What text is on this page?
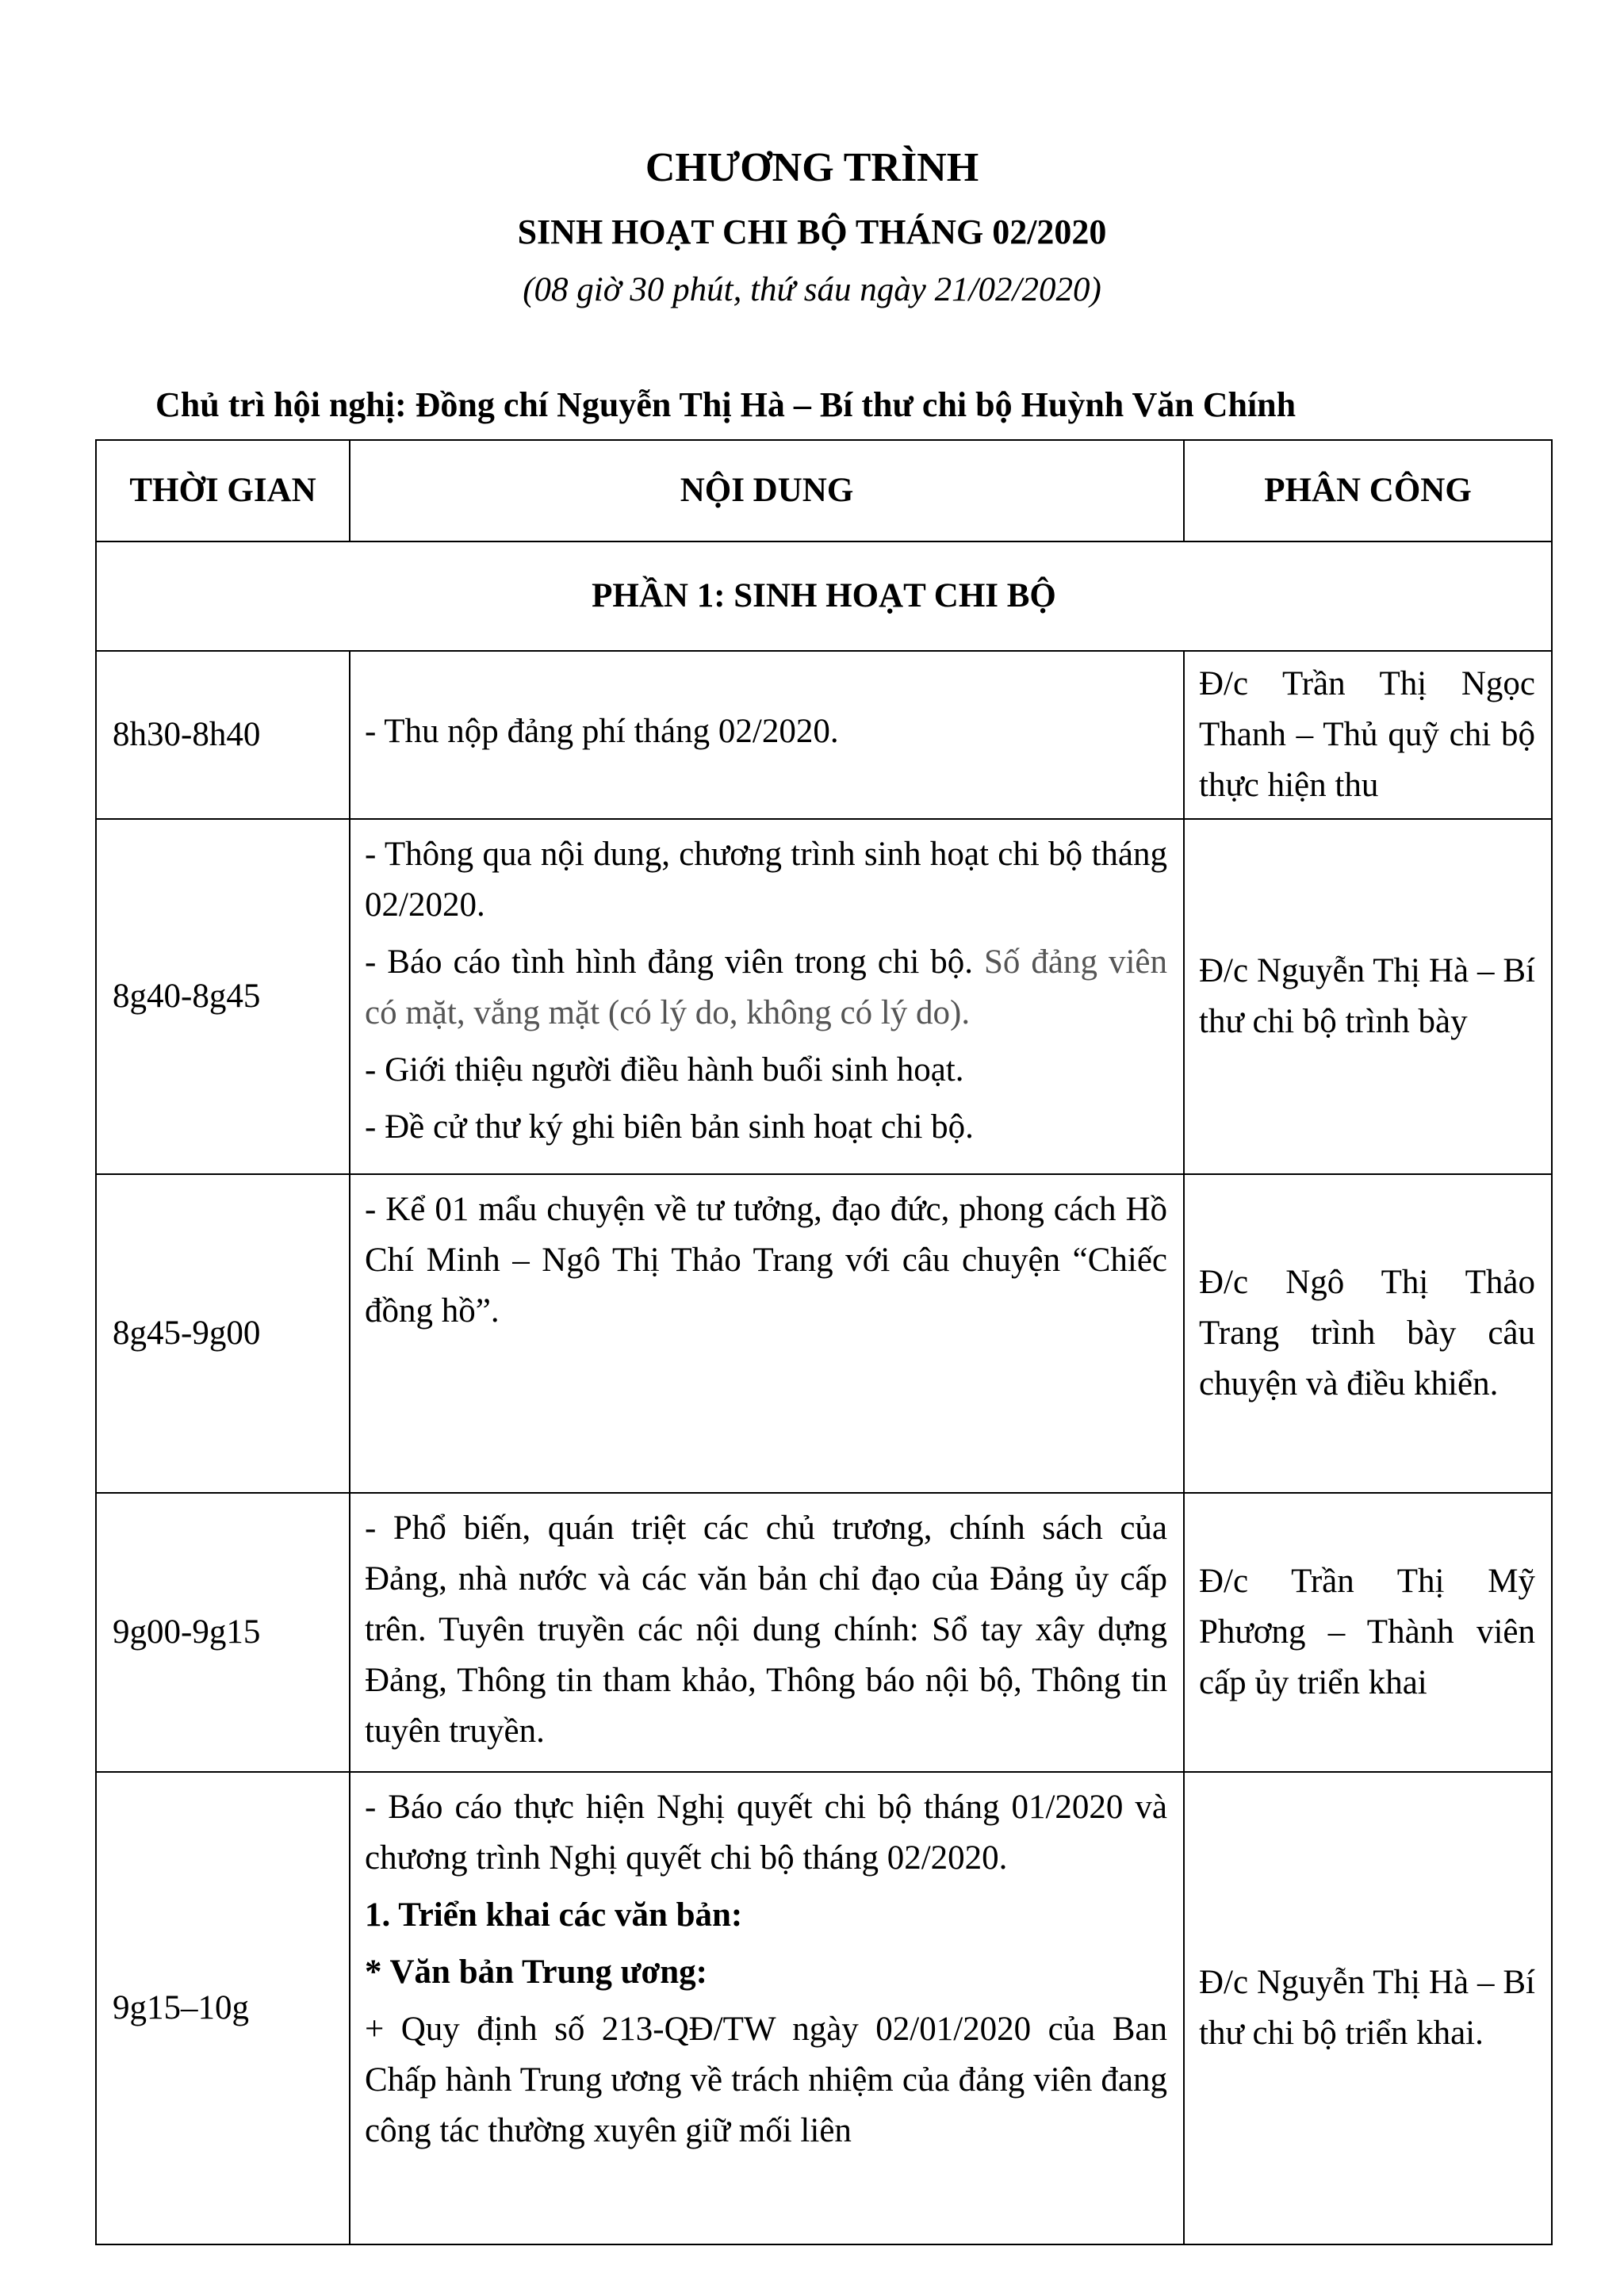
CHƯƠNG TRÌNH
SINH HOẠT CHI BỘ THÁNG 02/2020
(08 giờ 30 phút, thứ sáu ngày 21/02/2020)
Chủ trì hội nghị: Đồng chí Nguyễn Thị Hà – Bí thư chi bộ Huỳnh Văn Chính
THỜI GIAN	NỘI DUNG	PHÂN CÔNG
PHẦN 1: SINH HOẠT CHI BỘ		
8h30-8h40	- Thu nộp đảng phí tháng 02/2020.	Đ/c Trần Thị Ngọc Thanh – Thủ quỹ chi bộ thực hiện thu
8g40-8g45	- Thông qua nội dung, chương trình sinh hoạt chi bộ tháng 02/2020.

- Báo cáo tình hình đảng viên trong chi bộ. Số đảng viên có mặt, vắng mặt (có lý do, không có lý do).

- Giới thiệu người điều hành buổi sinh hoạt.

- Đề cử thư ký ghi biên bản sinh hoạt chi bộ.	Đ/c Nguyễn Thị Hà – Bí thư chi bộ trình bày
8g45-9g00	- Kể 01 mẩu chuyện về tư tưởng, đạo đức, phong cách Hồ Chí Minh – Ngô Thị Thảo Trang với câu chuyện “Chiếc đồng hồ”.	Đ/c Ngô Thị Thảo Trang trình bày câu chuyện và điều khiển.
9g00-9g15	- Phổ biến, quán triệt các chủ trương, chính sách của Đảng, nhà nước và các văn bản chỉ đạo của Đảng ủy cấp trên. Tuyên truyền các nội dung chính: Sổ tay xây dựng Đảng, Thông tin tham khảo, Thông báo nội bộ, Thông tin tuyên truyền.	Đ/c Trần Thị Mỹ Phương – Thành viên cấp ủy triển khai
9g15–10g	- Báo cáo thực hiện Nghị quyết chi bộ tháng 01/2020 và chương trình Nghị quyết chi bộ tháng 02/2020.

1. Triển khai các văn bản:

* Văn bản Trung ương:

+ Quy định số 213-QĐ/TW ngày 02/01/2020 của Ban Chấp hành Trung ương về trách nhiệm của đảng viên đang công tác thường xuyên giữ mối liên	Đ/c Nguyễn Thị Hà – Bí thư chi bộ triển khai.
